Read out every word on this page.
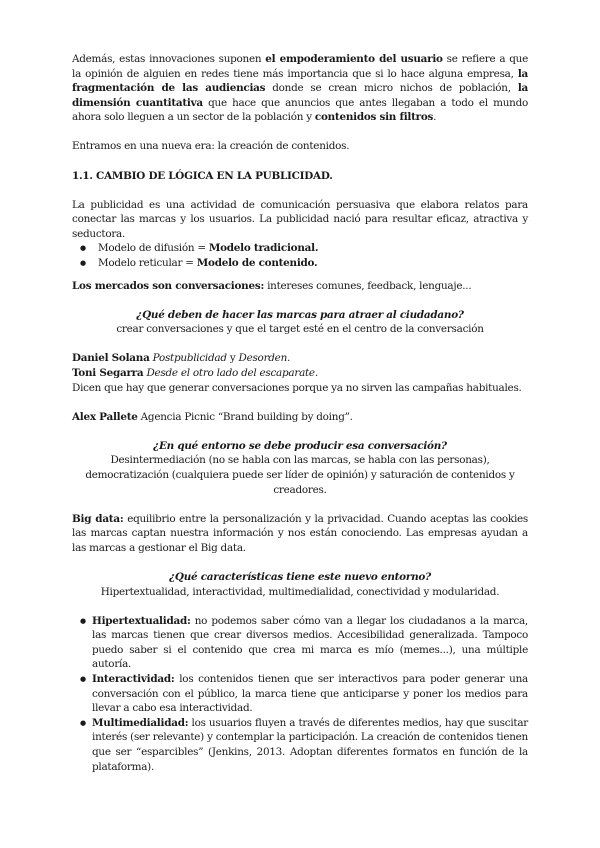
Además, estas innovaciones suponen el empoderamiento del usuario se refiere a que la opinión de alguien en redes tiene más importancia que si lo hace alguna empresa, la fragmentación de las audiencias donde se crean micro nichos de población, la dimensión cuantitativa que hace que anuncios que antes llegaban a todo el mundo ahora solo lleguen a un sector de la población y contenidos sin filtros.

Entramos en una nueva era: la creación de contenidos.

1.1. CAMBIO DE LÓGICA EN LA PUBLICIDAD.

La publicidad es una actividad de comunicación persuasiva que elabora relatos para conectar las marcas y los usuarios. La publicidad nació para resultar eficaz, atractiva y seductora.

● Modelo de difusión = Modelo tradicional.
● Modelo reticular = Modelo de contenido.

Los mercados son conversaciones: intereses comunes, feedback, lenguaje...

¿Qué deben de hacer las marcas para atraer al ciudadano?

crear conversaciones y que el target esté en el centro de la conversación

Daniel Solana Postpublicidad y Desorden.

Toni Segarra Desde el otro lado del escaparate.

Dicen que hay que generar conversaciones porque ya no sirven las campañas habituales.

Alex Pallete Agencia Picnic “Brand building by doing”.

¿En qué entorno se debe producir esa conversación?

Desintermediación (no se habla con las marcas, se habla con las personas), democratización (cualquiera puede ser líder de opinión) y saturación de contenidos y creadores.

Big data: equilibrio entre la personalización y la privacidad. Cuando aceptas las cookies las marcas captan nuestra información y nos están conociendo. Las empresas ayudan a las marcas a gestionar el Big data.

¿Qué características tiene este nuevo entorno?

Hipertextualidad, interactividad, multimedialidad, conectividad y modularidad.

● Hipertextualidad: no podemos saber cómo van a llegar los ciudadanos a la marca, las marcas tienen que crear diversos medios. Accesibilidad generalizada. Tampoco puedo saber si el contenido que crea mi marca es mío (memes...), una múltiple autoría.
● Interactividad: los contenidos tienen que ser interactivos para poder generar una conversación con el público, la marca tiene que anticiparse y poner los medios para llevar a cabo esa interactividad.
● Multimedialidad: los usuarios fluyen a través de diferentes medios, hay que suscitar interés (ser relevante) y contemplar la participación. La creación de contenidos tienen que ser “esparcibles” (Jenkins, 2013. Adoptan diferentes formatos en función de la plataforma).
